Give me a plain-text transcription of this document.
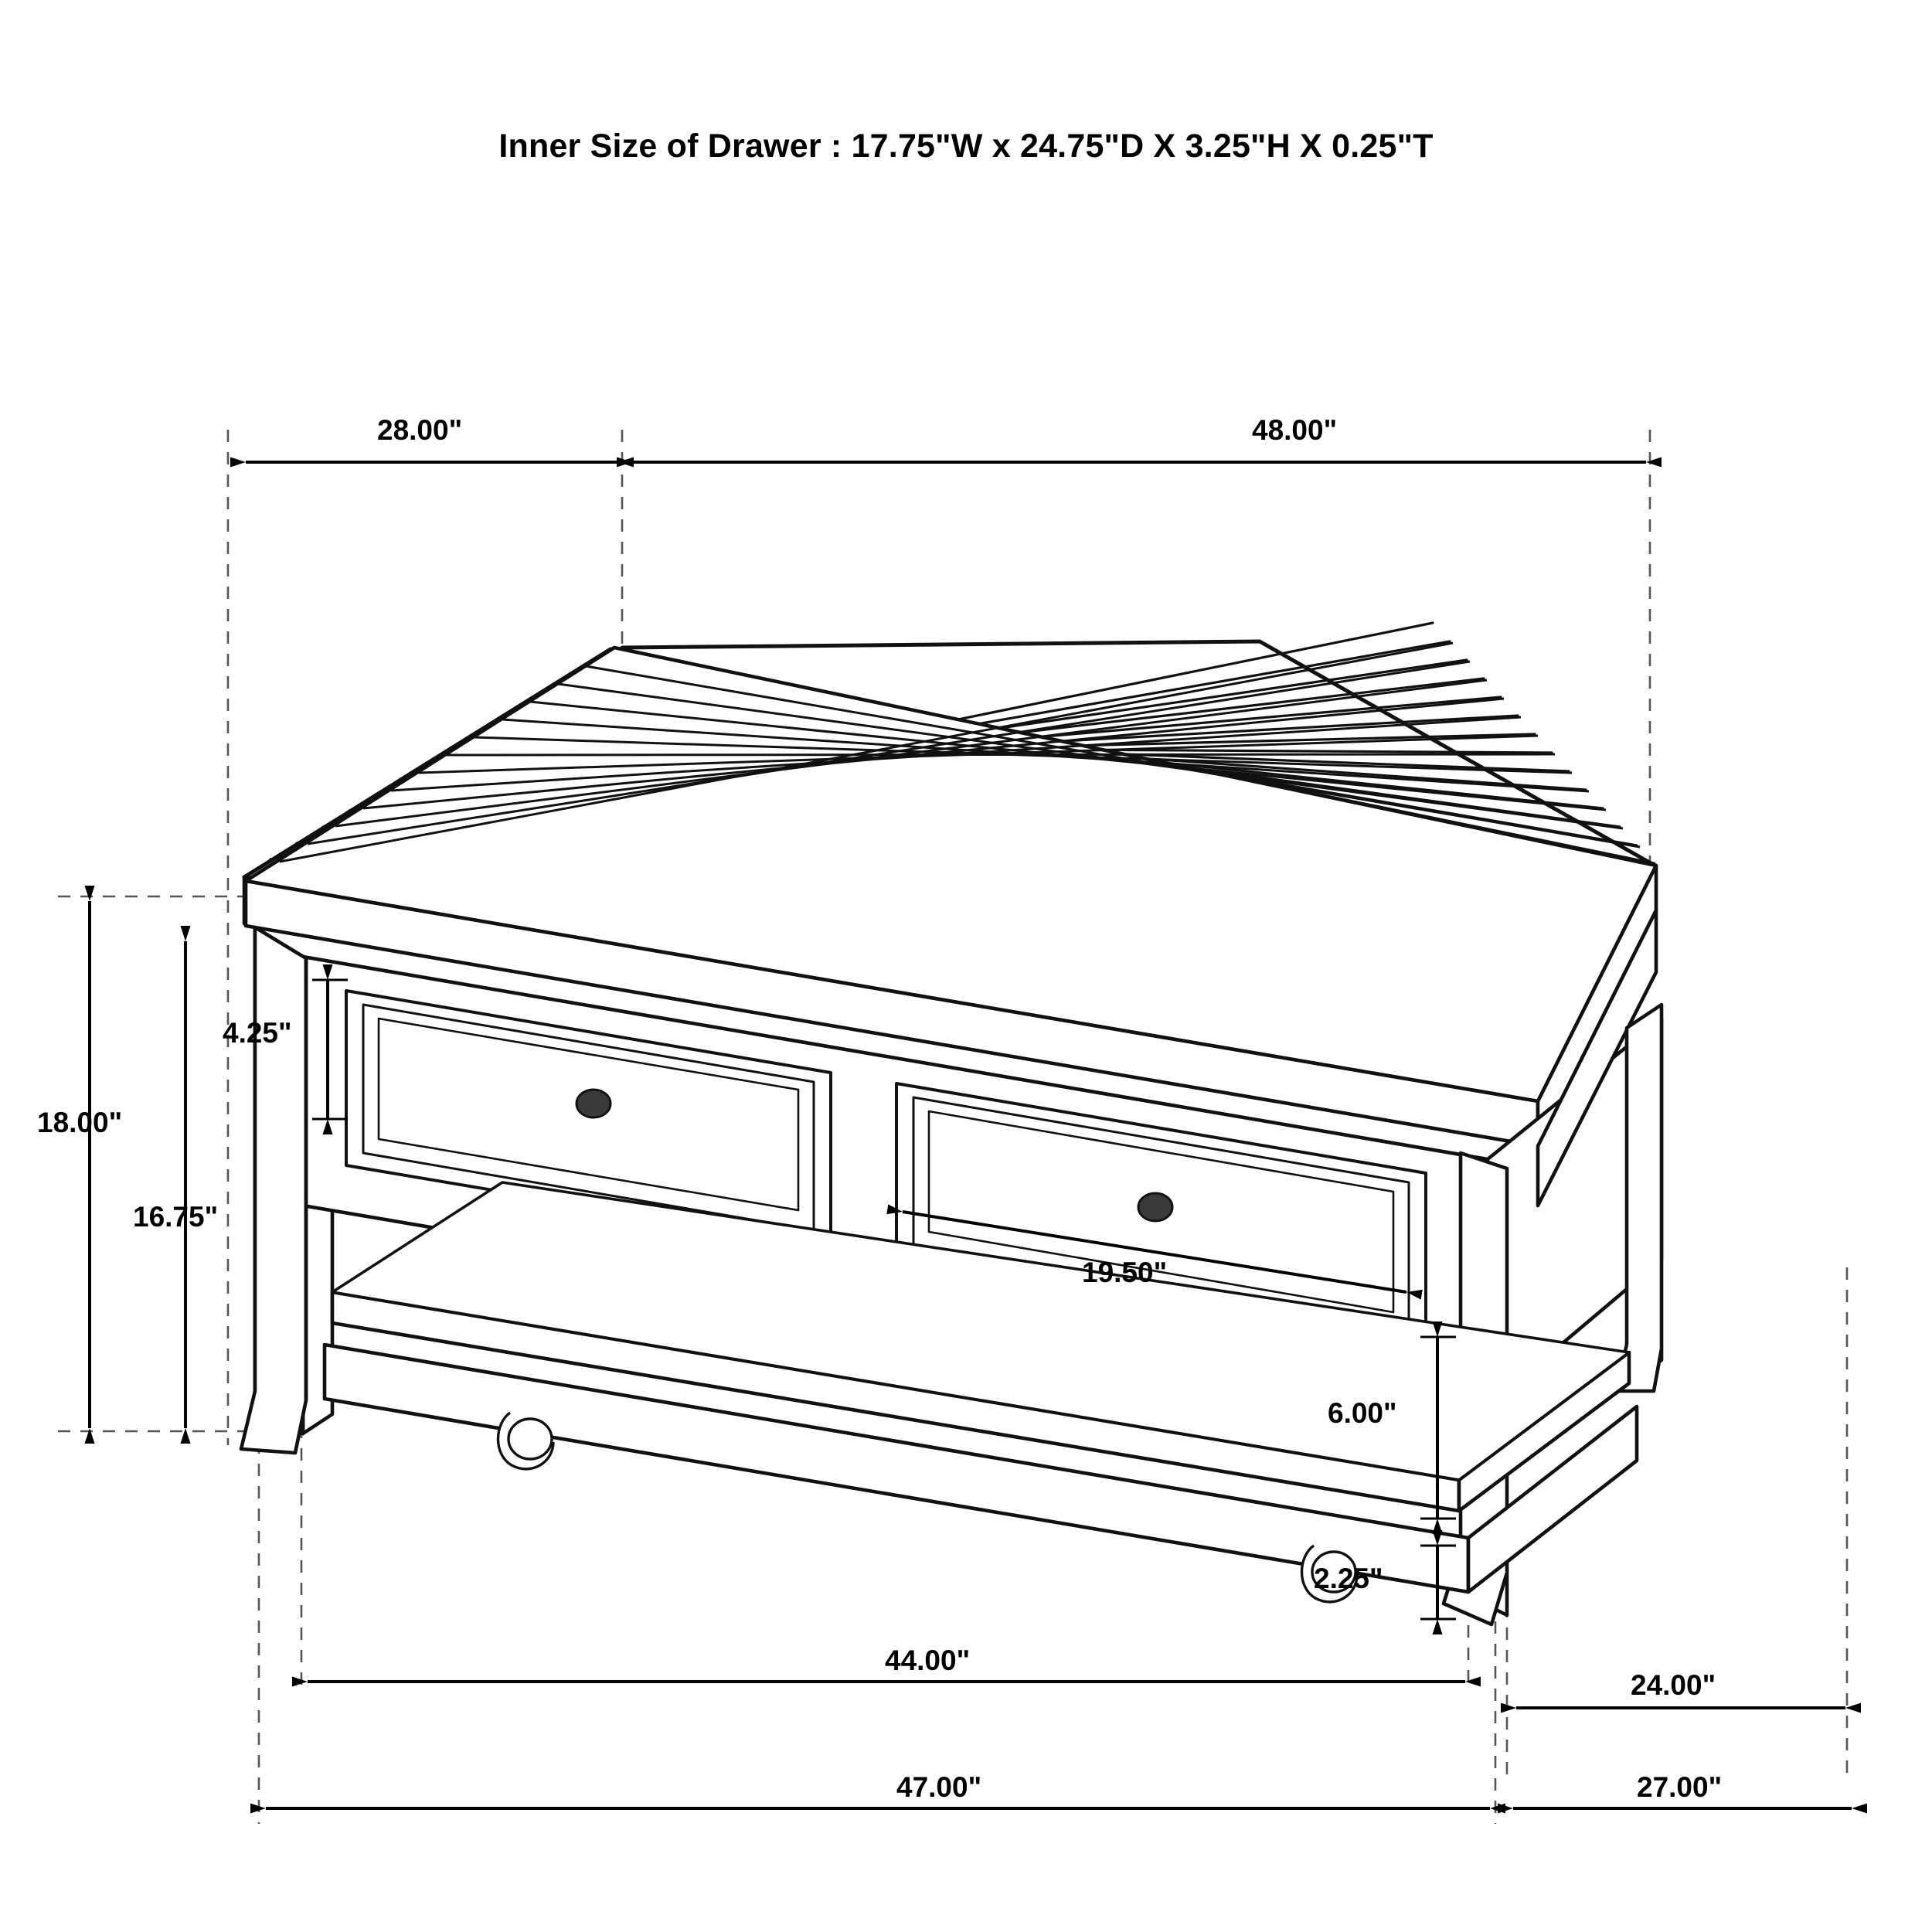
Inner Size of Drawer : 17.75"W x 24.75"D X 3.25"H X 0.25"T
28.00"	48.00"
18.00"
16.75"
4.25"
19.50"
6.00"
2.25"
44.00"
24.00"
47.00"	27.00"
